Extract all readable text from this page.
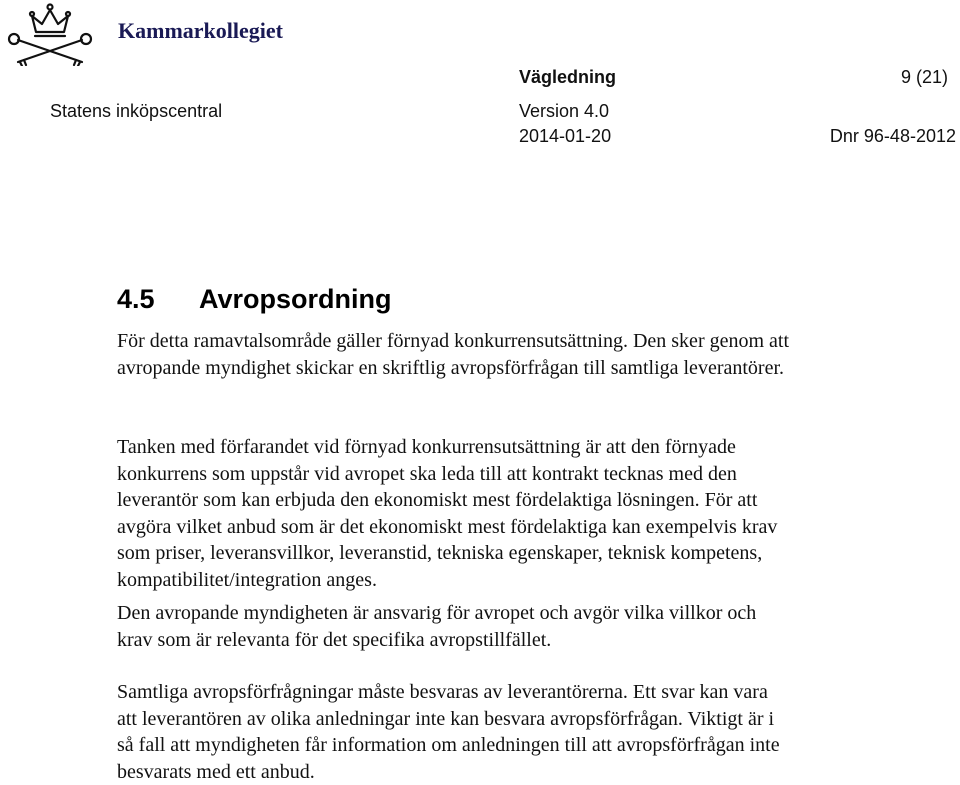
Kammarkollegiet
Vägledning	9 (21)
Statens inköpscentral	Version 4.0
2014-01-20	Dnr 96-48-2012
4.5 Avropsordning

För detta ramavtalsområde gäller förnyad konkurrensutsättning. Den sker genom att
avropande myndighet skickar en skriftlig avropsförfrågan till samtliga leverantörer.

Tanken med förfarandet vid förnyad konkurrensutsättning är att den förnyade
konkurrens som uppstår vid avropet ska leda till att kontrakt tecknas med den
leverantör som kan erbjuda den ekonomiskt mest fördelaktiga lösningen. För att
avgöra vilket anbud som är det ekonomiskt mest fördelaktiga kan exempelvis krav
som priser, leveransvillkor, leveranstid, tekniska egenskaper, teknisk kompetens,
kompatibilitet/integration anges.

Den avropande myndigheten är ansvarig för avropet och avgör vilka villkor och
krav som är relevanta för det specifika avropstillfället.

Samtliga avropsförfrågningar måste besvaras av leverantörerna. Ett svar kan vara
att leverantören av olika anledningar inte kan besvara avropsförfrågan. Viktigt är i
så fall att myndigheten får information om anledningen till att avropsförfrågan inte
besvarats med ett anbud.
